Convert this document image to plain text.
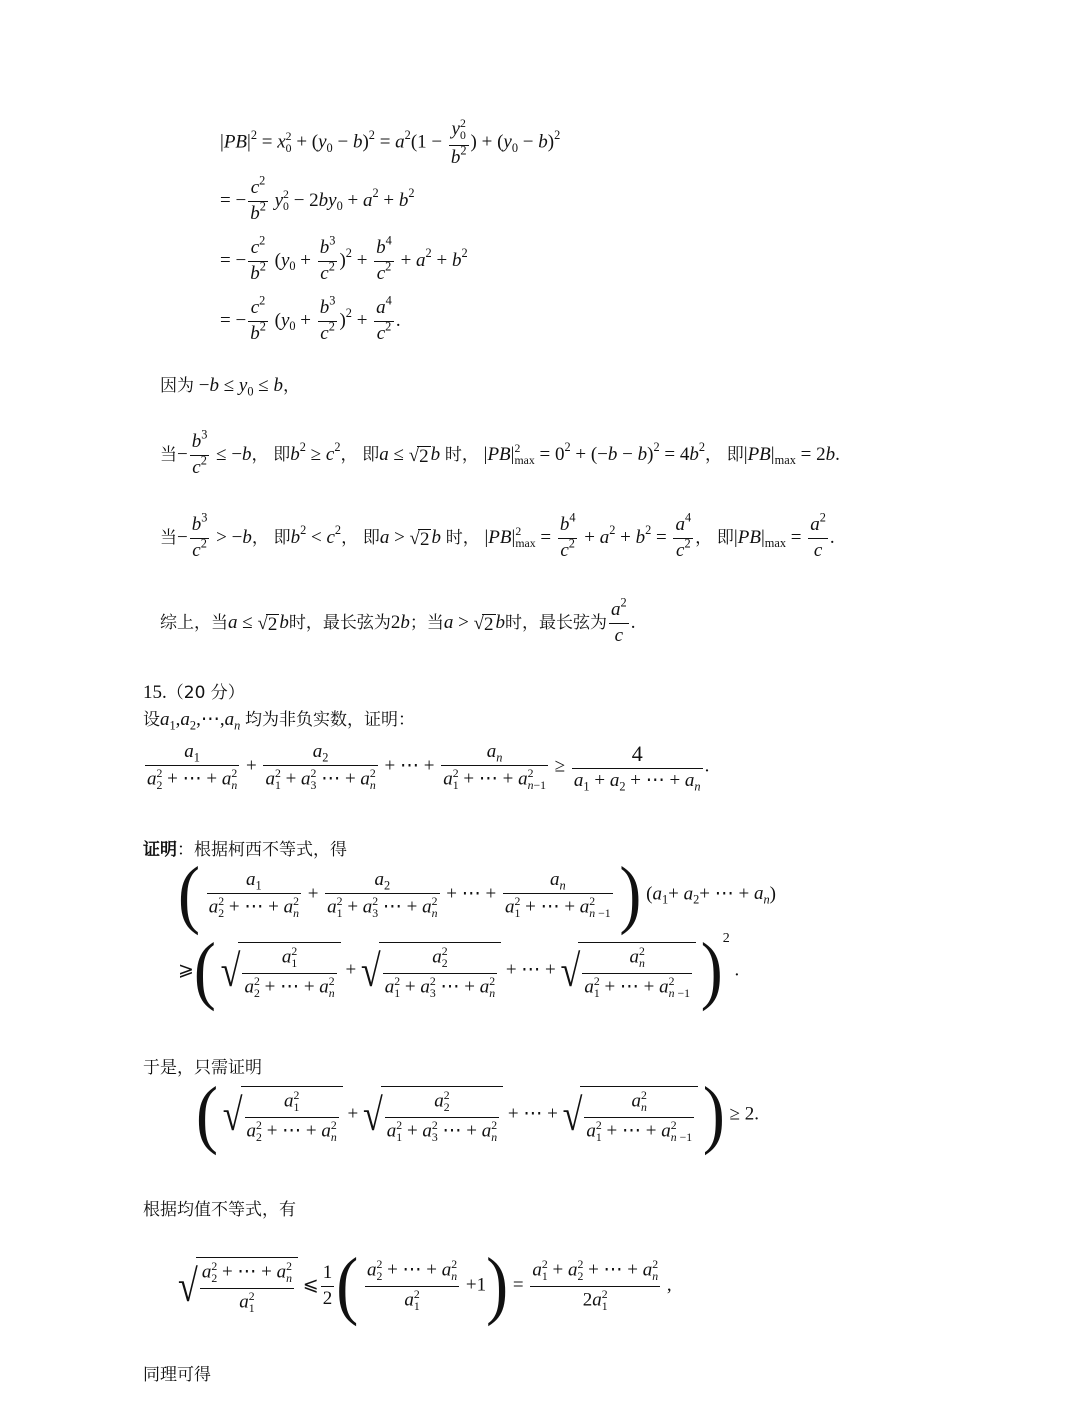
$|PB|^2 = x$ 2
$0 + (y_0 - b)^2 = a^2(1 - y$ 2
0
$b^2$ ) + $(y_0 - b)^2$
= − $\frac{c^2}{b^2}$ y 2
$0 - 2by_0 + a^2 + b^2$
= − $\frac{c^2}{b^2} (y_0 + \frac{b^3}{c^2} )^2 + \frac{b^4}{c^2} + a^2 + b^2$
= − $\frac{c^2}{b^2} (y_0 + \frac{b^3}{c^2} )^2 + \frac{a^4}{c^2}$ .
因为 $-b \le y_0 \le b$，
当− $\frac{b^3}{c^2} \le -b$， 即$b^2 \ge c^2$， 即a ≤ √2 b 时， |PB| 2
$\max = 0^2 + (-b - b)^2 = 4b^2$， 即$|PB|_{max} = 2b$.
当− $\frac{b^3}{c^2} > -b$， 即$b^2 < c^2$， 即a > √2 b 时， |PB| 2
$\max = \frac{b^4}{c^2} + a^2 + b^2 = \frac{a^4}{c^2}$ ， 即$|PB|_{max} = \frac{a^2}{c}$ .
综上，当a ≤ √2 b时，最长弦为2b；当a > √2 b时，最长弦为 $\frac{a^2}{c}$ .
15.（20 分）
设$a_1,a_2,\cdots,a_n$ 均为非负实数，证明：
$a_1$
a 2
2 + ⋯ + a 2
$n + a_2$
a 2
1 + a 2
3 ⋯ + a 2
n + ⋯ + $a_n$
a 2
1 + ⋯ + a 2
$n-1 \ge \frac{4}{a_1 + a_2 + \cdots + a_n}$ .
证明：根据柯西不等式，得
( $a_1$
a 2
2 + ⋯ + a 2
$n + a_2$
a 2
1 + a 2
3 ⋯ + a 2
n + ⋯ + $a_n$
a 2
1 + ⋯ + a 2
n −1 ) ($a_1+ a_2+$ ⋯ + $a_n$)
⩾( √ a 2
1
a 2
2 + ⋯ + a 2
n + √ a 2
2
a 2
1 + a 2
3 ⋯ + a 2
n + ⋯ + √ a 2
n
a 2
1 + ⋯ + a 2
n −1 )2 .
于是，只需证明
( √ a 2
1
a 2
2 + ⋯ + a 2
n + √ a 2
2
a 2
1 + a 2
3 ⋯ + a 2
n + ⋯ + √ a 2
n
a 2
1 + ⋯ + a 2
n −1 ) ≥ 2.
根据均值不等式，有
√ a 2
2 + ⋯ + a 2
n
a 2
1 ⩽ $\frac{1}{2}$ ( a 2
2 + ⋯ + a 2
n
a 2
1 +1) = a 2
1 + a 2
2 + ⋯ + a 2
n
2a 2
1 ,
同理可得
